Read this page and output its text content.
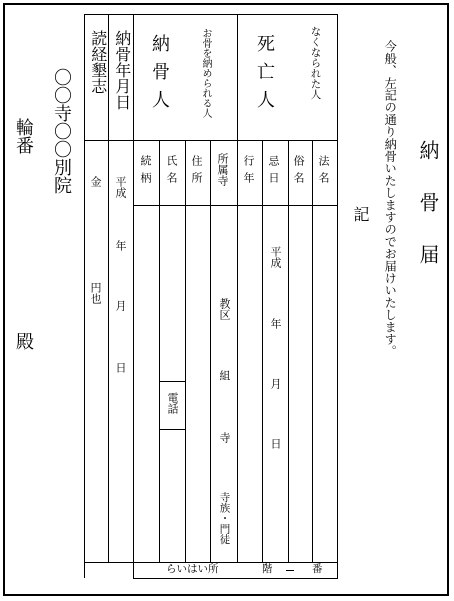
納骨届
今般、左記の通り納骨いたしますのでお届けいたします。
記
なくなられた人
死亡人
お骨を納められる人
納骨人
納骨年月日
読経墾志
法名
俗名
忌日
行年
所属寺
住所
氏名
続柄
平成
年
月
日
教区
組
寺
寺族・門徒
電話
平成
年
月
日
金
円也
〇〇寺〇〇別院
輪番
殿
らいはい所	階	番
